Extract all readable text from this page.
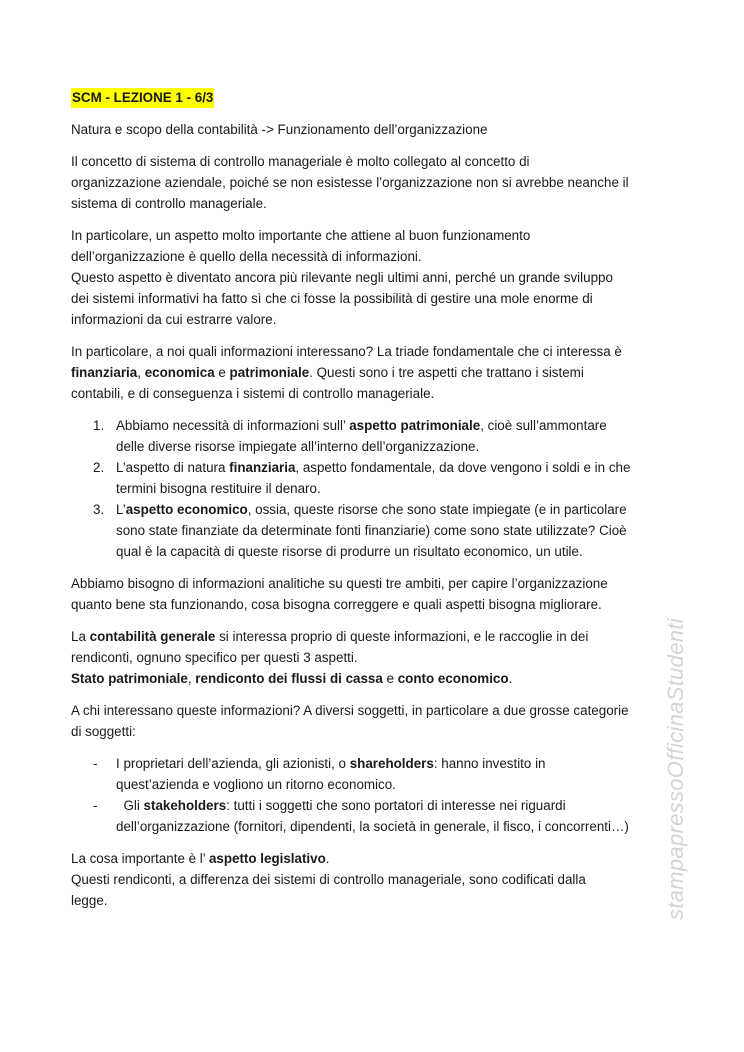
SCM - LEZIONE 1 - 6/3
Natura e scopo della contabilità -> Funzionamento dell’organizzazione
Il concetto di sistema di controllo manageriale è molto collegato al concetto di
organizzazione aziendale, poiché se non esistesse l’organizzazione non si avrebbe neanche il
sistema di controllo manageriale.
In particolare, un aspetto molto importante che attiene al buon funzionamento
dell’organizzazione è quello della necessità di informazioni.
Questo aspetto è diventato ancora più rilevante negli ultimi anni, perché un grande sviluppo
dei sistemi informativi ha fatto sì che ci fosse la possibilità di gestire una mole enorme di
informazioni da cui estrarre valore.
In particolare, a noi quali informazioni interessano? La triade fondamentale che ci interessa è
finanziaria, economica e patrimoniale. Questi sono i tre aspetti che trattano i sistemi
contabili, e di conseguenza i sistemi di controllo manageriale.
1. Abbiamo necessità di informazioni sull’ aspetto patrimoniale, cioè sull’ammontare
delle diverse risorse impiegate all’interno dell’organizzazione.
2. L’aspetto di natura finanziaria, aspetto fondamentale, da dove vengono i soldi e in che
termini bisogna restituire il denaro.
3. L’aspetto economico, ossia, queste risorse che sono state impiegate (e in particolare
sono state finanziate da determinate fonti finanziarie) come sono state utilizzate? Cioè
qual è la capacità di queste risorse di produrre un risultato economico, un utile.
Abbiamo bisogno di informazioni analitiche su questi tre ambiti, per capire l’organizzazione
quanto bene sta funzionando, cosa bisogna correggere e quali aspetti bisogna migliorare.
La contabilità generale si interessa proprio di queste informazioni, e le raccoglie in dei
rendiconti, ognuno specifico per questi 3 aspetti.
Stato patrimoniale, rendiconto dei flussi di cassa e conto economico.
A chi interessano queste informazioni? A diversi soggetti, in particolare a due grosse categorie
di soggetti:
- I proprietari dell’azienda, gli azionisti, o shareholders: hanno investito in
quest’azienda e vogliono un ritorno economico.
- Gli stakeholders: tutti i soggetti che sono portatori di interesse nei riguardi
dell’organizzazione (fornitori, dipendenti, la società in generale, il fisco, i concorrenti…)
La cosa importante è l’ aspetto legislativo.
Questi rendiconti, a differenza dei sistemi di controllo manageriale, sono codificati dalla
legge.	stampapressoOfficinaStudenti
